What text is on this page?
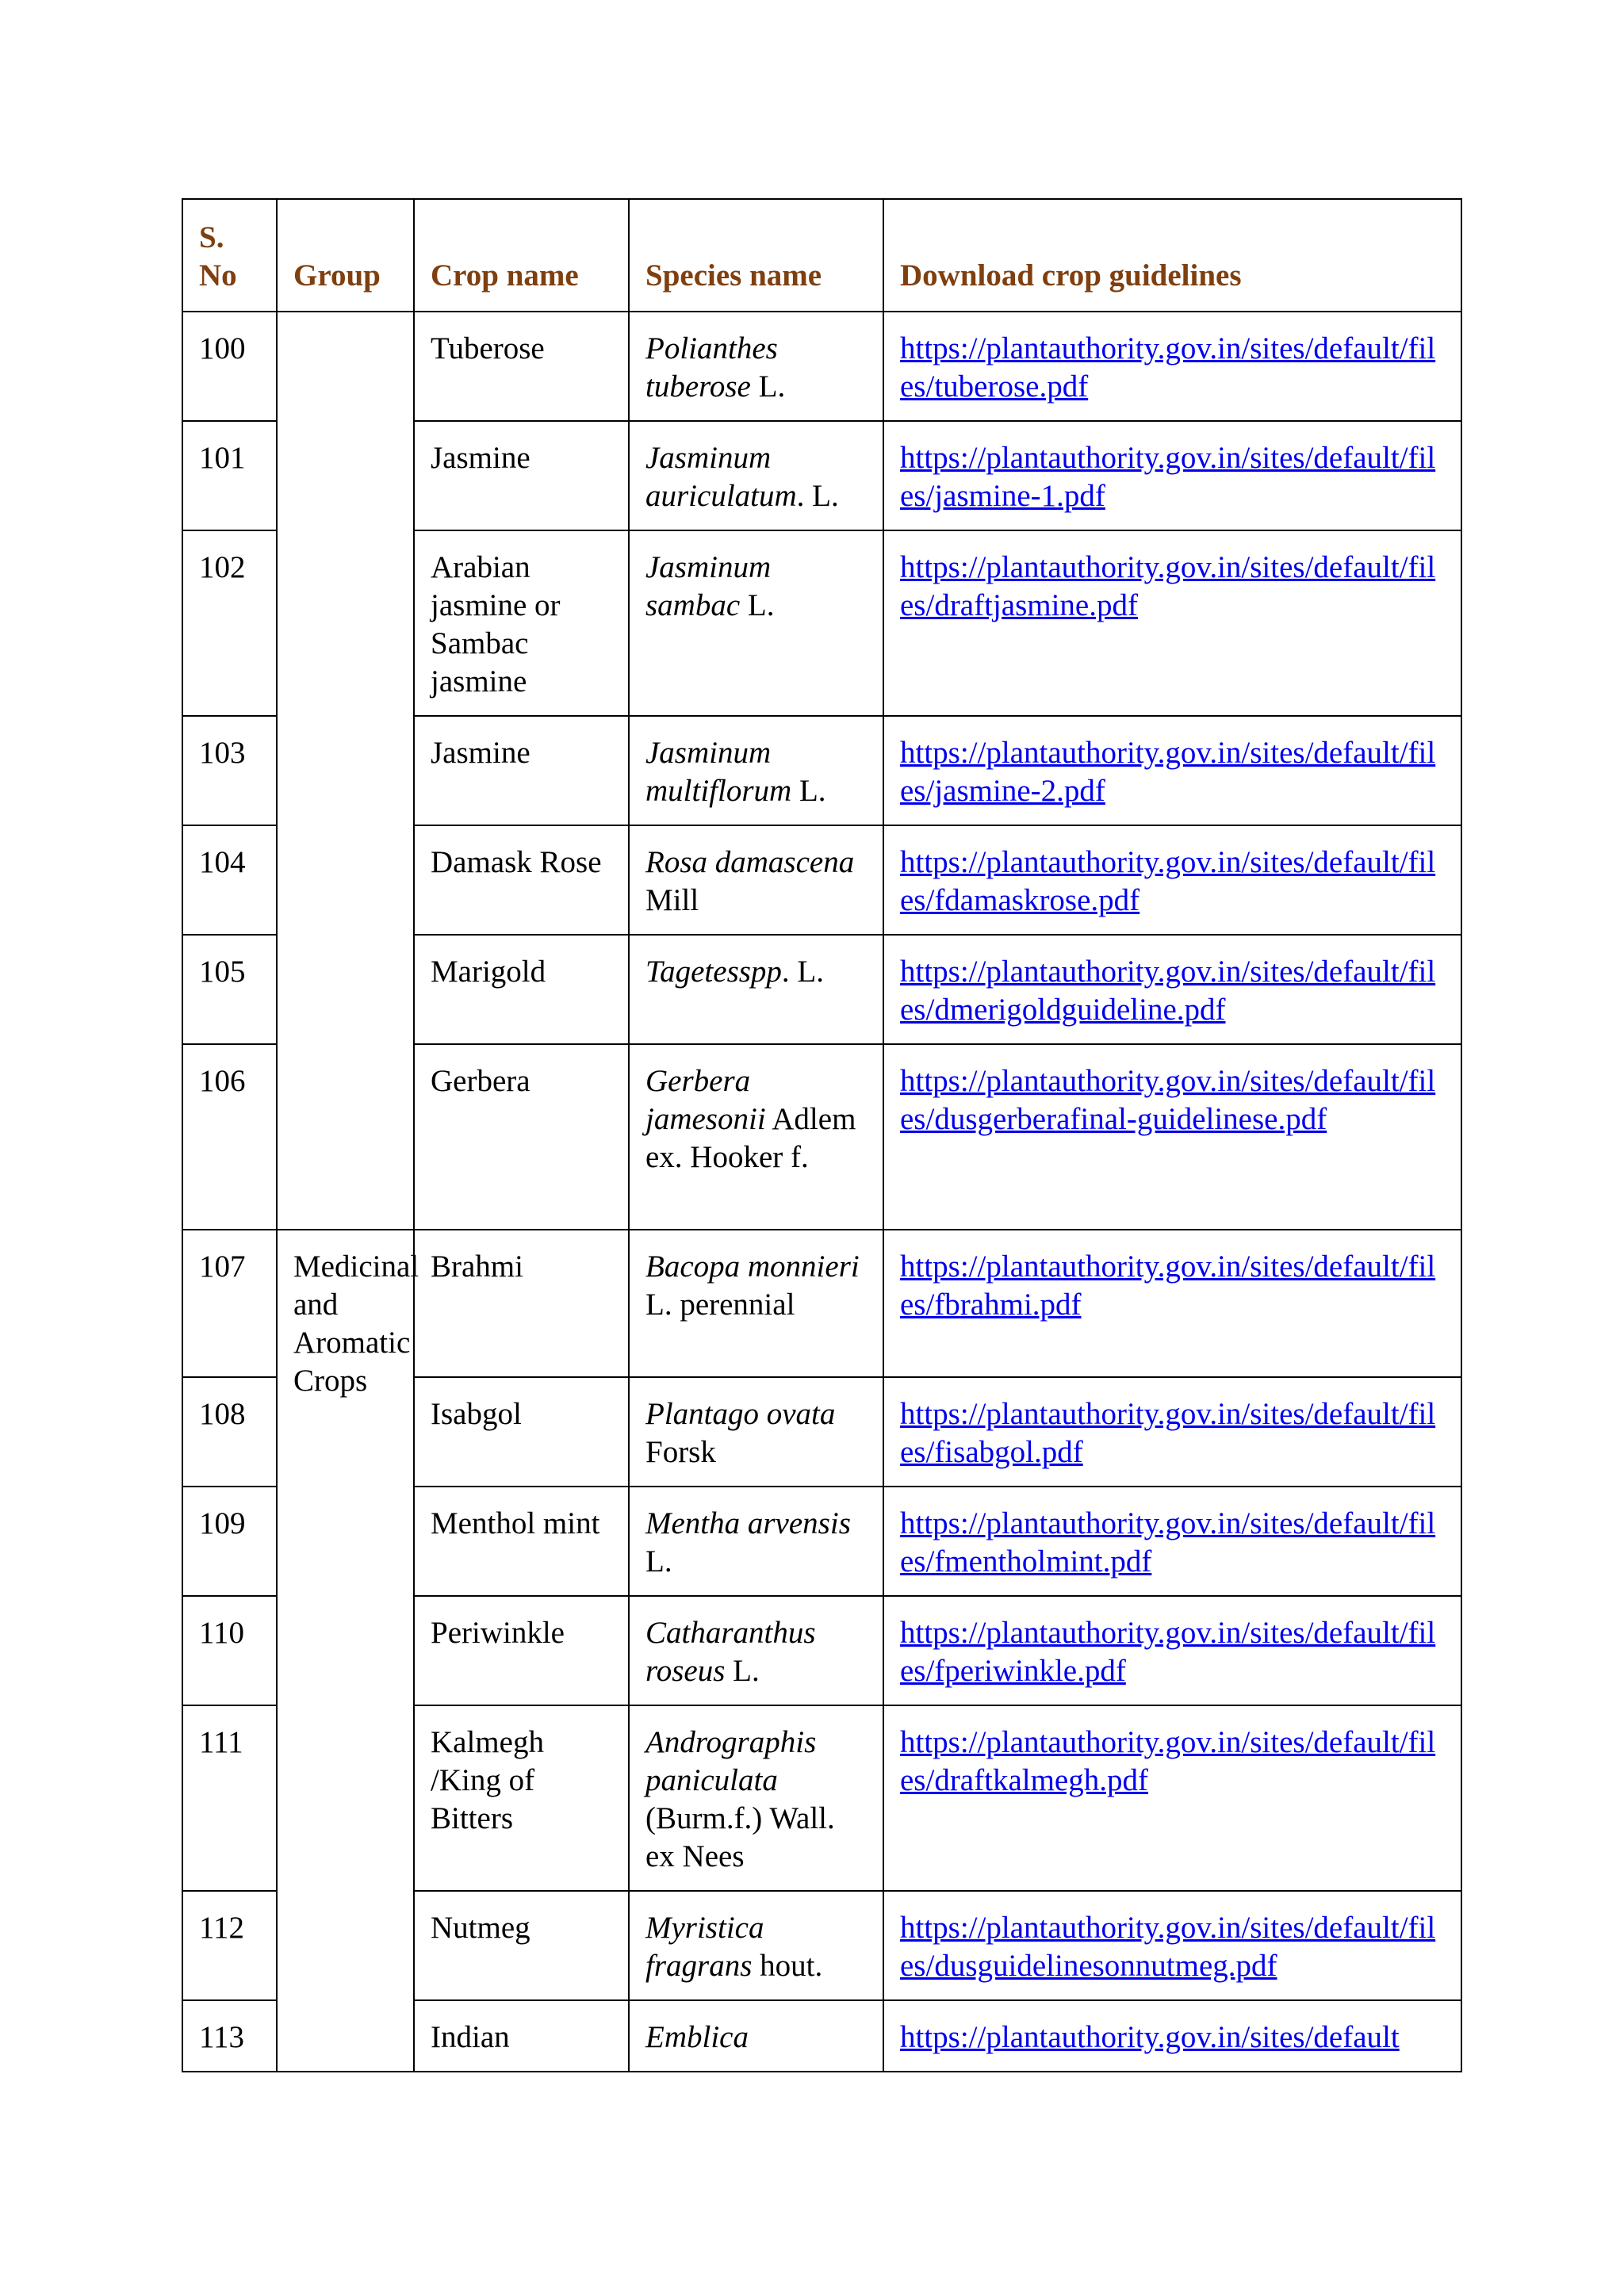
S. No	Group	Crop name	Species name	Download crop guidelines
100		Tuberose	Polianthes tuberose L.	https://plantauthority.gov.in/sites/default/files/tuberose.pdf
101		Jasmine	Jasminum auriculatum. L.	https://plantauthority.gov.in/sites/default/files/jasmine-1.pdf
102		Arabian jasmine or Sambac jasmine	Jasminum sambac L.	https://plantauthority.gov.in/sites/default/files/draftjasmine.pdf
103		Jasmine	Jasminum multiflorum L.	https://plantauthority.gov.in/sites/default/files/jasmine-2.pdf
104		Damask Rose	Rosa damascena Mill	https://plantauthority.gov.in/sites/default/files/fdamaskrose.pdf
105		Marigold	Tagetesspp. L.	https://plantauthority.gov.in/sites/default/files/dmerigoldguideline.pdf
106		Gerbera	Gerbera jamesonii Adlem ex. Hooker f.	https://plantauthority.gov.in/sites/default/files/dusgerberafinal-guidelinese.pdf
107	Medicinal and Aromatic Crops	Brahmi	Bacopa monnieri L. perennial	https://plantauthority.gov.in/sites/default/files/fbrahmi.pdf
108		Isabgol	Plantago ovata Forsk	https://plantauthority.gov.in/sites/default/files/fisabgol.pdf
109		Menthol mint	Mentha arvensis L.	https://plantauthority.gov.in/sites/default/files/fmentholmint.pdf
110		Periwinkle	Catharanthus roseus L.	https://plantauthority.gov.in/sites/default/files/fperiwinkle.pdf
111		Kalmegh /King of Bitters	Andrographis paniculata (Burm.f.) Wall. ex Nees	https://plantauthority.gov.in/sites/default/files/draftkalmegh.pdf
112		Nutmeg	Myristica fragrans hout.	https://plantauthority.gov.in/sites/default/files/dusguidelinesonnutmeg.pdf
113		Indian	Emblica	https://plantauthority.gov.in/sites/default
